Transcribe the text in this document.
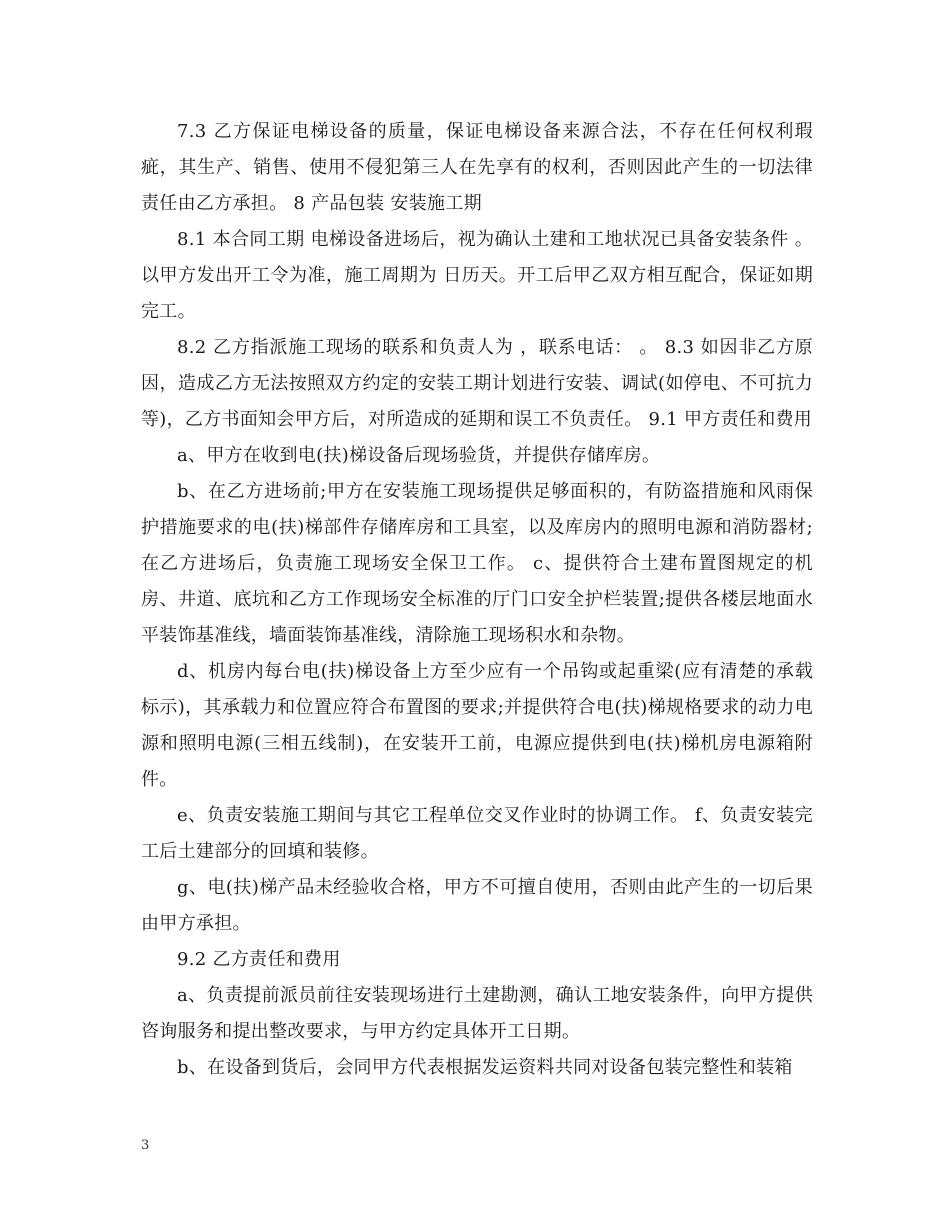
7.3 乙方保证电梯设备的质量，保证电梯设备来源合法，不存在任何权利瑕疵，其生产、销售、使用不侵犯第三人在先享有的权利，否则因此产生的一切法律责任由乙方承担。 8 产品包装 安装施工期

8.1 本合同工期 电梯设备进场后，视为确认土建和工地状况已具备安装条件 。以甲方发出开工令为准，施工周期为 日历天。开工后甲乙双方相互配合，保证如期完工。

8.2 乙方指派施工现场的联系和负责人为 ，联系电话： 。 8.3 如因非乙方原因，造成乙方无法按照双方约定的安装工期计划进行安装、调试(如停电、不可抗力等)，乙方书面知会甲方后，对所造成的延期和误工不负责任。 9.1 甲方责任和费用

a、甲方在收到电(扶)梯设备后现场验货，并提供存储库房。

b、在乙方进场前;甲方在安装施工现场提供足够面积的，有防盗措施和风雨保护措施要求的电(扶)梯部件存储库房和工具室，以及库房内的照明电源和消防器材;在乙方进场后，负责施工现场安全保卫工作。 c、提供符合土建布置图规定的机房、井道、底坑和乙方工作现场安全标准的厅门口安全护栏装置;提供各楼层地面水平装饰基准线，墙面装饰基准线，清除施工现场积水和杂物。

d、机房内每台电(扶)梯设备上方至少应有一个吊钩或起重梁(应有清楚的承载标示)，其承载力和位置应符合布置图的要求;并提供符合电(扶)梯规格要求的动力电源和照明电源(三相五线制)，在安装开工前，电源应提供到电(扶)梯机房电源箱附件。

e、负责安装施工期间与其它工程单位交叉作业时的协调工作。 f、负责安装完工后土建部分的回填和装修。

g、电(扶)梯产品未经验收合格，甲方不可擅自使用，否则由此产生的一切后果由甲方承担。

9.2 乙方责任和费用

a、负责提前派员前往安装现场进行土建勘测，确认工地安装条件，向甲方提供咨询服务和提出整改要求，与甲方约定具体开工日期。

b、在设备到货后，会同甲方代表根据发运资料共同对设备包装完整性和装箱

3
